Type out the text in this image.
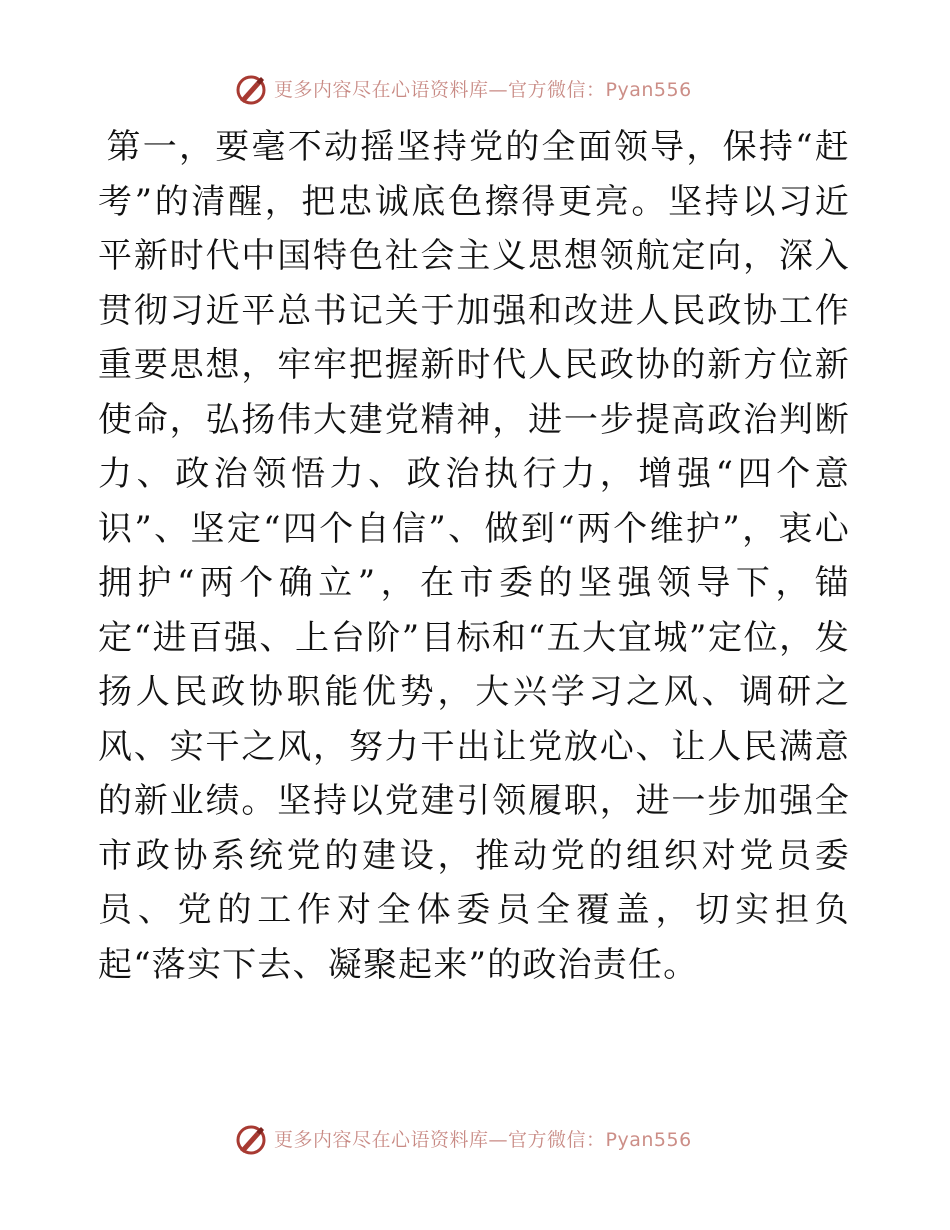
更多内容尽在心语资料库—官方微信：Pyan556

第一，要毫不动摇坚持党的全面领导，保持“赶考”的清醒，把忠诚底色擦得更亮。坚持以习近平新时代中国特色社会主义思想领航定向，深入贯彻习近平总书记关于加强和改进人民政协工作重要思想，牢牢把握新时代人民政协的新方位新使命，弘扬伟大建党精神，进一步提高政治判断力、政治领悟力、政治执行力，增强“四个意识”、坚定“四个自信”、做到“两个维护”，衷心拥护“两个确立”，在市委的坚强领导下，锚定“进百强、上台阶”目标和“五大宜城”定位，发扬人民政协职能优势，大兴学习之风、调研之风、实干之风，努力干出让党放心、让人民满意的新业绩。坚持以党建引领履职，进一步加强全市政协系统党的建设，推动党的组织对党员委员、党的工作对全体委员全覆盖，切实担负起“落实下去、凝聚起来”的政治责任。

更多内容尽在心语资料库—官方微信：Pyan556
